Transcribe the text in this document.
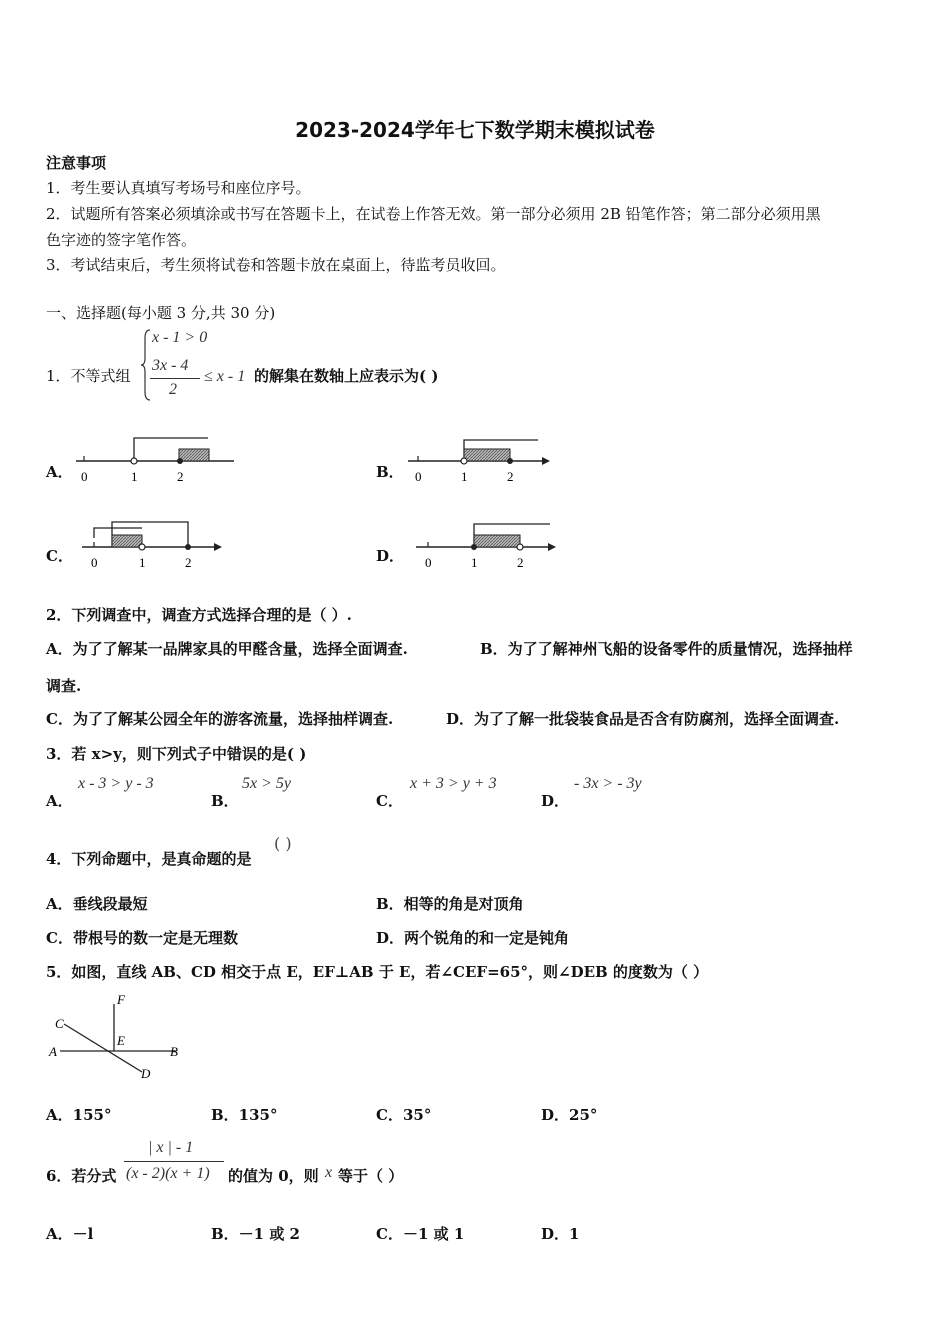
2023-2024学年七下数学期末模拟试卷
注意事项
1．考生要认真填写考场号和座位序号。
2．试题所有答案必须填涂或书写在答题卡上，在试卷上作答无效。第一部分必须用 2B 铅笔作答；第二部分必须用黑
色字迹的签字笔作答。
3．考试结束后，考生须将试卷和答题卡放在桌面上，待监考员收回。
一、选择题(每小题 3 分,共 30 分)
1．不等式组
x - 1 > 0
3x - 4
2
≤ x - 1 的解集在数轴上应表示为( )
A．	B．
C．	D．
0	1	2	0	1	2
0	1	2	0	1	2
2．下列调查中，调查方式选择合理的是（ ）.
A．为了了解某一品牌家具的甲醛含量，选择全面调查.	B．为了了解神州飞船的设备零件的质量情况，选择抽样
调查.
C．为了了解某公园全年的游客流量，选择抽样调查.	D．为了了解一批袋装食品是否含有防腐剂，选择全面调查.
3．若 x>y，则下列式子中错误的是( )
A．
x - 3 > y - 3
B．
5x > 5y
C．
x + 3 > y + 3
D．
- 3x > - 3y
4．下列命题中，是真命题的是
( )
A．垂线段最短	B．相等的角是对顶角
C．带根号的数一定是无理数	D．两个锐角的和一定是钝角
5．如图，直线 AB、CD 相交于点 E，EF⊥AB 于 E，若∠CEF=65°，则∠DEB 的度数为（ ）
A	B
C
D
E
F
A．155°	B．135°	C．35°	D．25°
6．若分式
| x | - 1
(x - 2)(x + 1) 的值为 0，则 x 等于（ ）
A．－l	B．－1 或 2	C．－1 或 1	D．1
